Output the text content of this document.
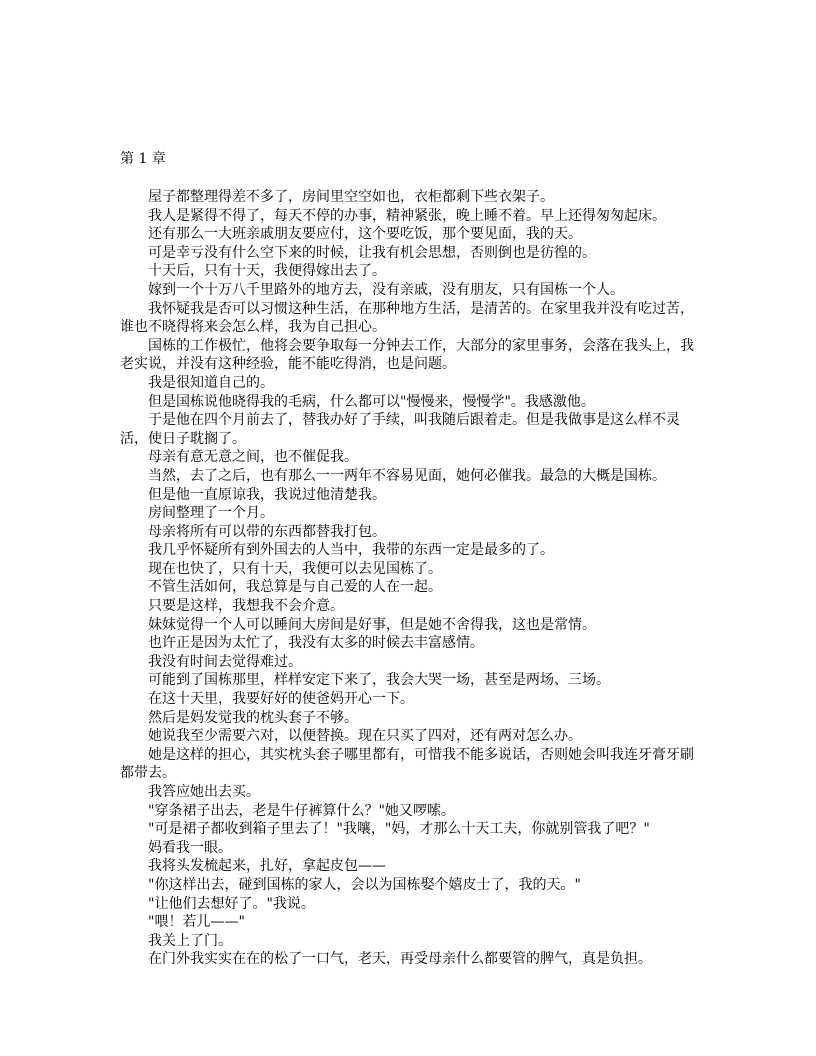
第 1 章

屋子都整理得差不多了，房间里空空如也，衣柜都剩下些衣架子。

我人是紧得不得了，每天不停的办事，精神紧张，晚上睡不着。早上还得匆匆起床。

还有那么一大班亲戚朋友要应付，这个要吃饭，那个要见面，我的天。

可是幸亏没有什么空下来的时候，让我有机会思想，否则倒也是彷徨的。

十天后，只有十天，我便得嫁出去了。

嫁到一个十万八千里路外的地方去，没有亲戚，没有朋友，只有国栋一个人。

我怀疑我是否可以习惯这种生活，在那种地方生活，是清苦的。在家里我并没有吃过苦，谁也不晓得将来会怎么样，我为自己担心。

国栋的工作极忙，他将会要争取每一分钟去工作，大部分的家里事务，会落在我头上，我老实说，并没有这种经验，能不能吃得消，也是问题。

我是很知道自己的。

但是国栋说他晓得我的毛病，什么都可以"慢慢来，慢慢学"。我感激他。

于是他在四个月前去了，替我办好了手续，叫我随后跟着走。但是我做事是这么样不灵活，使日子耽搁了。

母亲有意无意之间，也不催促我。

当然，去了之后，也有那么一一两年不容易见面，她何必催我。最急的大概是国栋。

但是他一直原谅我，我说过他清楚我。

房间整理了一个月。

母亲将所有可以带的东西都替我打包。

我几乎怀疑所有到外国去的人当中，我带的东西一定是最多的了。

现在也快了，只有十天，我便可以去见国栋了。

不管生活如何，我总算是与自己爱的人在一起。

只要是这样，我想我不会介意。

妹妹觉得一个人可以睡间大房间是好事，但是她不舍得我，这也是常情。

也许正是因为太忙了，我没有太多的时候去丰富感情。

我没有时间去觉得难过。

可能到了国栋那里，样样安定下来了，我会大哭一场，甚至是两场、三场。

在这十天里，我要好好的使爸妈开心一下。

然后是妈发觉我的枕头套子不够。

她说我至少需要六对，以便替换。现在只买了四对，还有两对怎么办。

她是这样的担心，其实枕头套子哪里都有，可惜我不能多说话，否则她会叫我连牙膏牙刷都带去。

我答应她出去买。

"穿条裙子出去，老是牛仔裤算什么？"她又啰嗦。

"可是裙子都收到箱子里去了！"我嚷，"妈，才那么十天工夫，你就别管我了吧？"

妈看我一眼。

我将头发梳起来，扎好，拿起皮包——

"你这样出去，碰到国栋的家人，会以为国栋娶个嬉皮士了，我的天。"

"让他们去想好了。"我说。

"喂！若儿——"

我关上了门。

在门外我实实在在的松了一口气，老天，再受母亲什么都要管的脾气，真是负担。
